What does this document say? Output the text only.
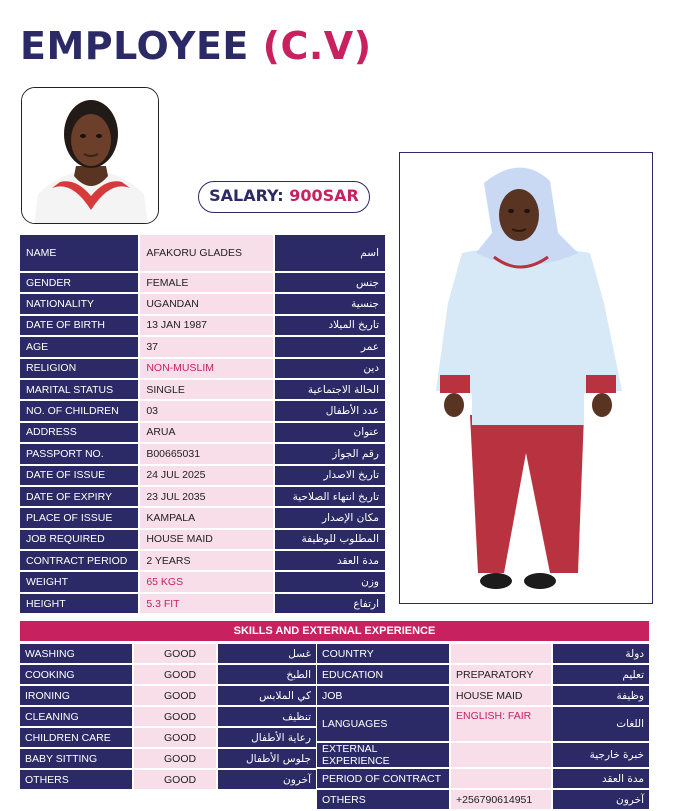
EMPLOYEE (C.V)
SALARY: 900SAR
NAME	AFAKORU GLADES	اسم
GENDER	FEMALE	جنس
NATIONALITY	UGANDAN	جنسية
DATE OF BIRTH	13 JAN 1987	تاريخ الميلاد
AGE	37	عمر
RELIGION	NON-MUSLIM	دين
MARITAL STATUS	SINGLE	الحالة الاجتماعية
NO. OF CHILDREN	03	عدد الأطفال
ADDRESS	ARUA	عنوان
PASSPORT NO.	B00665031	رقم الجواز
DATE OF ISSUE	24 JUL 2025	تاريخ الاصدار
DATE OF EXPIRY	23 JUL 2035	تاريخ انتهاء الصلاحية
PLACE OF ISSUE	KAMPALA	مكان الإصدار
JOB REQUIRED	HOUSE MAID	المطلوب للوظيفة
CONTRACT PERIOD	2 YEARS	مدة العقد
WEIGHT	65 KGS	وزن
HEIGHT	5.3 FIT	ارتفاع
SKILLS AND EXTERNAL EXPERIENCE
WASHING	GOOD	غسل
COOKING	GOOD	الطبخ
IRONING	GOOD	كي الملابس
CLEANING	GOOD	تنظيف
CHILDREN CARE	GOOD	رعاية الأطفال
BABY SITTING	GOOD	جلوس الأطفال
OTHERS	GOOD	آخرون
COUNTRY		دولة
EDUCATION	PREPARATORY	تعليم
JOB	HOUSE MAID	وظيفة
LANGUAGES	ENGLISH: FAIR	اللغات
EXTERNAL EXPERIENCE		خبرة خارجية
PERIOD OF CONTRACT		مدة العقد
OTHERS	+256790614951	آخرون
